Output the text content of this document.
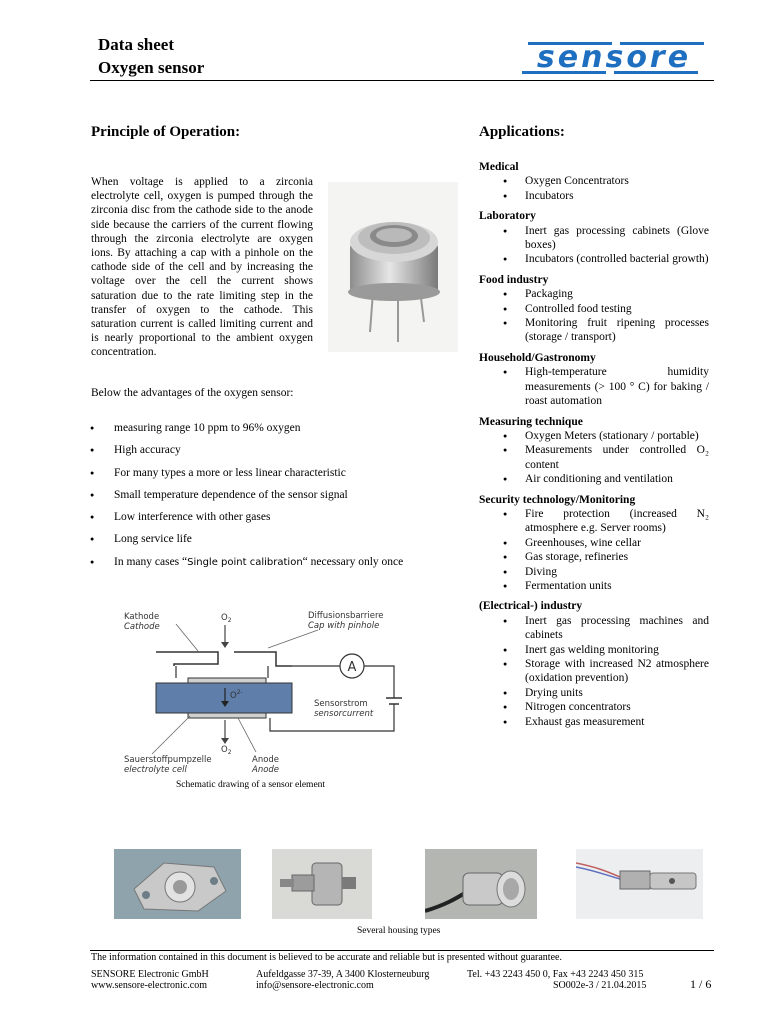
Data sheet
Oxygen sensor	sensore
Principle of Operation:
When voltage is applied to a zirconia electrolyte cell, oxygen is pumped through the zirconia disc from the cathode side to the anode side because the carriers of the current flowing through the zirconia electrolyte are oxygen ions. By attaching a cap with a pinhole on the cathode side of the cell and by increasing the voltage over the cell the current shows saturation due to the rate limiting step in the transfer of oxygen to the cathode. This saturation current is called limiting current and is nearly proportional to the ambient oxygen concentration.
Below the advantages of the oxygen sensor:
● measuring range 10 ppm to 96% oxygen
● High accuracy
● For many types a more or less linear characteristic
● Small temperature dependence of the sensor signal
● Low interference with other gases
● Long service life
● In many cases “Single point calibration“ necessary only once
Kathode
Cathode
Diffusionsbarriere
Cap with pinhole
$O_2$
$O^{2-}$
$O_2$
A
Sensorstrom
sensorcurrent
Sauerstoffpumpzelle
electrolyte cell
Anode
Anode
Schematic drawing of a sensor element
Applications:
Medical
● Oxygen Concentrators
● Incubators
Laboratory
● Inert gas processing cabinets (Glove boxes)
● Incubators (controlled bacterial growth)
Food industry
● Packaging
● Controlled food testing
● Monitoring fruit ripening processes (storage / transport)
Household/Gastronomy
● High-temperature humidity measurements (> 100 ° C) for baking / roast automation
Measuring technique
● Oxygen Meters (stationary / portable)
● Measurements under controlled O₂ content
● Air conditioning and ventilation
Security technology/Monitoring
● Fire protection (increased N₂ atmosphere e.g. Server rooms)
● Greenhouses, wine cellar
● Gas storage, refineries
● Diving
● Fermentation units
(Electrical-) industry
● Inert gas processing machines and cabinets
● Inert gas welding monitoring
● Storage with increased N2 atmosphere (oxidation prevention)
● Drying units
● Nitrogen concentrators
● Exhaust gas measurement
Several housing types
The information contained in this document is believed to be accurate and reliable but is presented without guarantee.
SENSORE Electronic GmbH
www.sensore-electronic.com
Aufeldgasse 37-39, A 3400 Klosterneuburg
info@sensore-electronic.com
Tel. +43 2243 450 0, Fax +43 2243 450 315
SO002e-3 / 21.04.2015	1 / 6
